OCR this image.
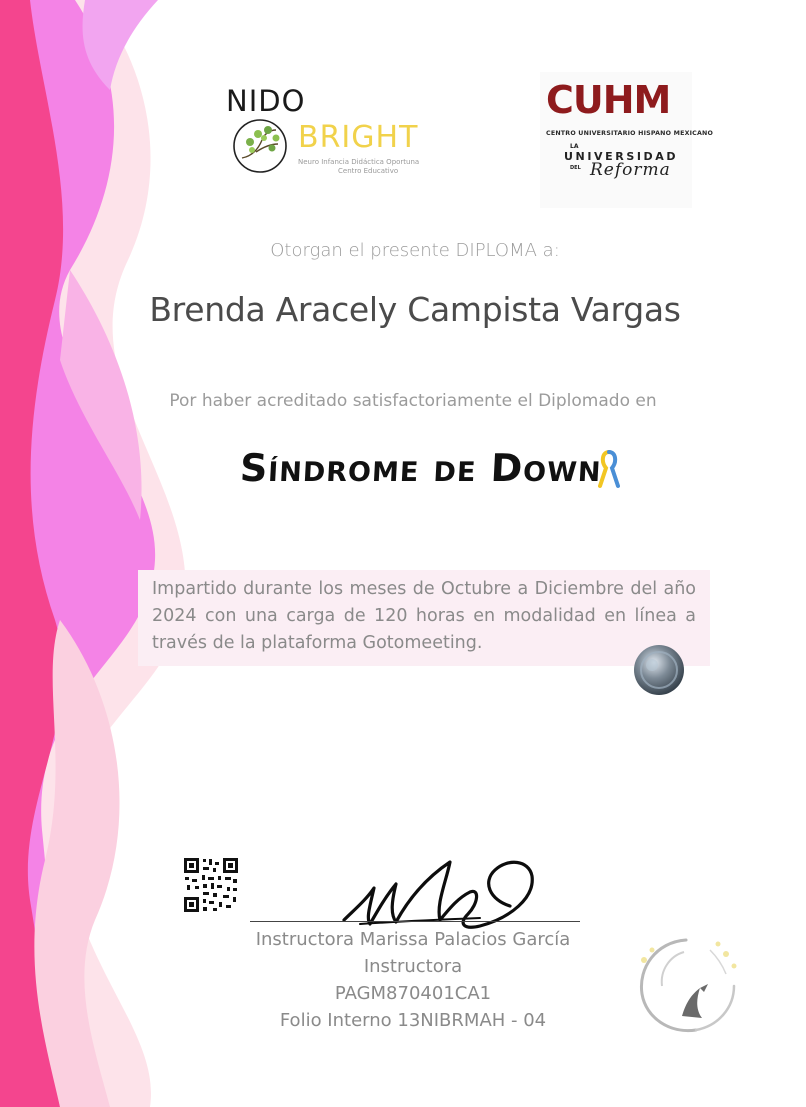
NIDO
BRIGHT
Neuro Infancia Didáctica Oportuna
Centro Educativo
CUHM
CENTRO UNIVERSITARIO HISPANO MEXICANO
LA
UNIVERSIDAD
DEL Reforma
Otorgan el presente DIPLOMA a:
Brenda Aracely Campista Vargas
Por haber acreditado satisfactoriamente el Diplomado en
Síndrome de Down
Impartido durante los meses de Octubre a Diciembre del año 2024 con una carga de 120 horas en modalidad en línea a través de la plataforma Gotomeeting.
Instructora Marissa Palacios García
Instructora
PAGM870401CA1
Folio Interno 13NIBRMAH - 04
